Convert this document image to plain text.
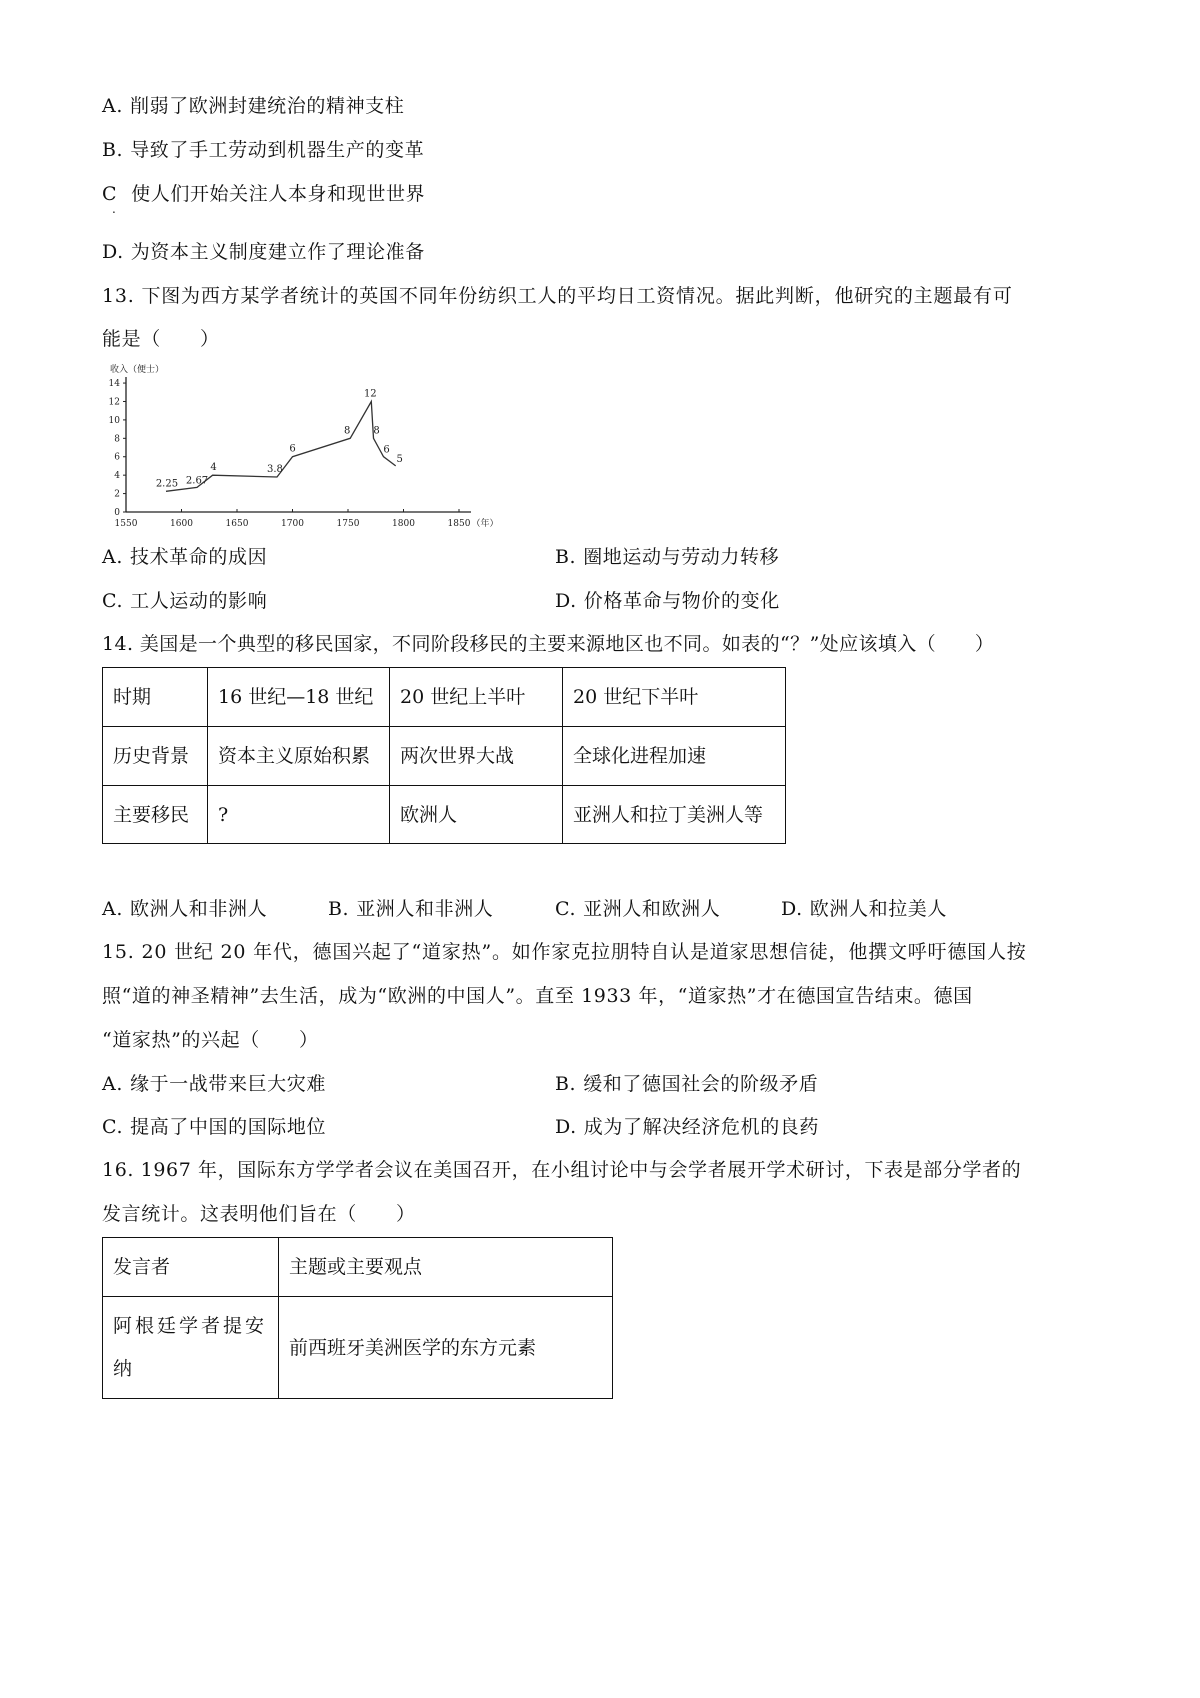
A. 削弱了欧洲封建统治的精神支柱
B. 导致了手工劳动到机器生产的变革
C 使人们开始关注人本身和现世世界
.
D. 为资本主义制度建立作了理论准备
13. 下图为西方某学者统计的英国不同年份纺织工人的平均日工资情况。据此判断，他研究的主题最有可
能是（　　）
0
2
4
6
8
10
12
14
1550	1600	1650	1700	1750	1800	1850 （年）
收入（便士）
2.25 2.67
4	3.8
6
8
12
8
6
5
A. 技术革命的成因	B. 圈地运动与劳动力转移
C. 工人运动的影响	D. 价格革命与物价的变化
14. 美国是一个典型的移民国家，不同阶段移民的主要来源地区也不同。如表的“？”处应该填入（　　）
时期	16 世纪—18 世纪	20 世纪上半叶	20 世纪下半叶
历史背景	资本主义原始积累	两次世界大战	全球化进程加速
主要移民	?	欧洲人	亚洲人和拉丁美洲人等
A. 欧洲人和非洲人	B. 亚洲人和非洲人	C. 亚洲人和欧洲人	D. 欧洲人和拉美人
15. 20 世纪 20 年代，德国兴起了“道家热”。如作家克拉朋特自认是道家思想信徒，他撰文呼吁德国人按
照“道的神圣精神”去生活，成为“欧洲的中国人”。直至 1933 年，“道家热”才在德国宣告结束。德国
“道家热”的兴起（　　）
A. 缘于一战带来巨大灾难	B. 缓和了德国社会的阶级矛盾
C. 提高了中国的国际地位	D. 成为了解决经济危机的良药
16. 1967 年，国际东方学学者会议在美国召开，在小组讨论中与会学者展开学术研讨，下表是部分学者的
发言统计。这表明他们旨在（　　）
发言者	主题或主要观点
阿根廷学者提安纳	前西班牙美洲医学的东方元素
